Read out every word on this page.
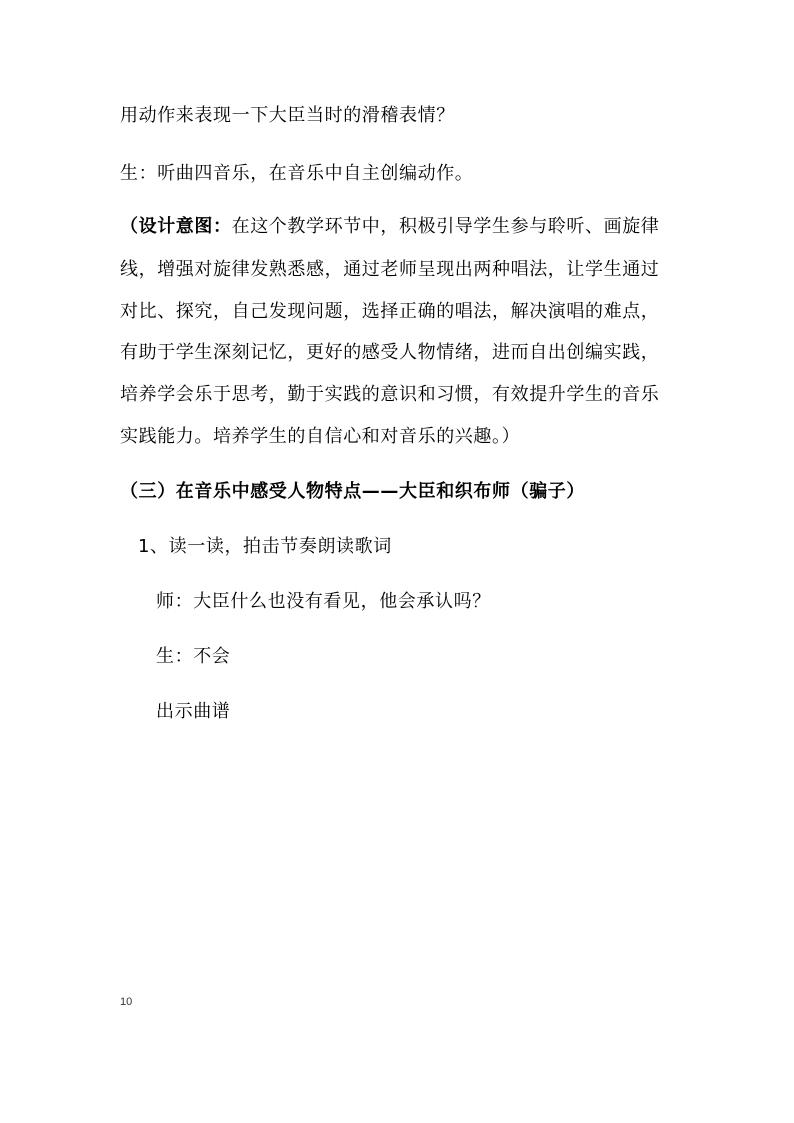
用动作来表现一下大臣当时的滑稽表情？
生：听曲四音乐，在音乐中自主创编动作。
（设计意图：在这个教学环节中，积极引导学生参与聆听、画旋律
线，增强对旋律发熟悉感，通过老师呈现出两种唱法，让学生通过
对比、探究，自己发现问题，选择正确的唱法，解决演唱的难点，
有助于学生深刻记忆，更好的感受人物情绪，进而自出创编实践，
培养学会乐于思考，勤于实践的意识和习惯，有效提升学生的音乐
实践能力。培养学生的自信心和对音乐的兴趣。）
（三）在音乐中感受人物特点——大臣和织布师（骗子）
1、读一读，拍击节奏朗读歌词
师：大臣什么也没有看见，他会承认吗？
生：不会
出示曲谱
10
